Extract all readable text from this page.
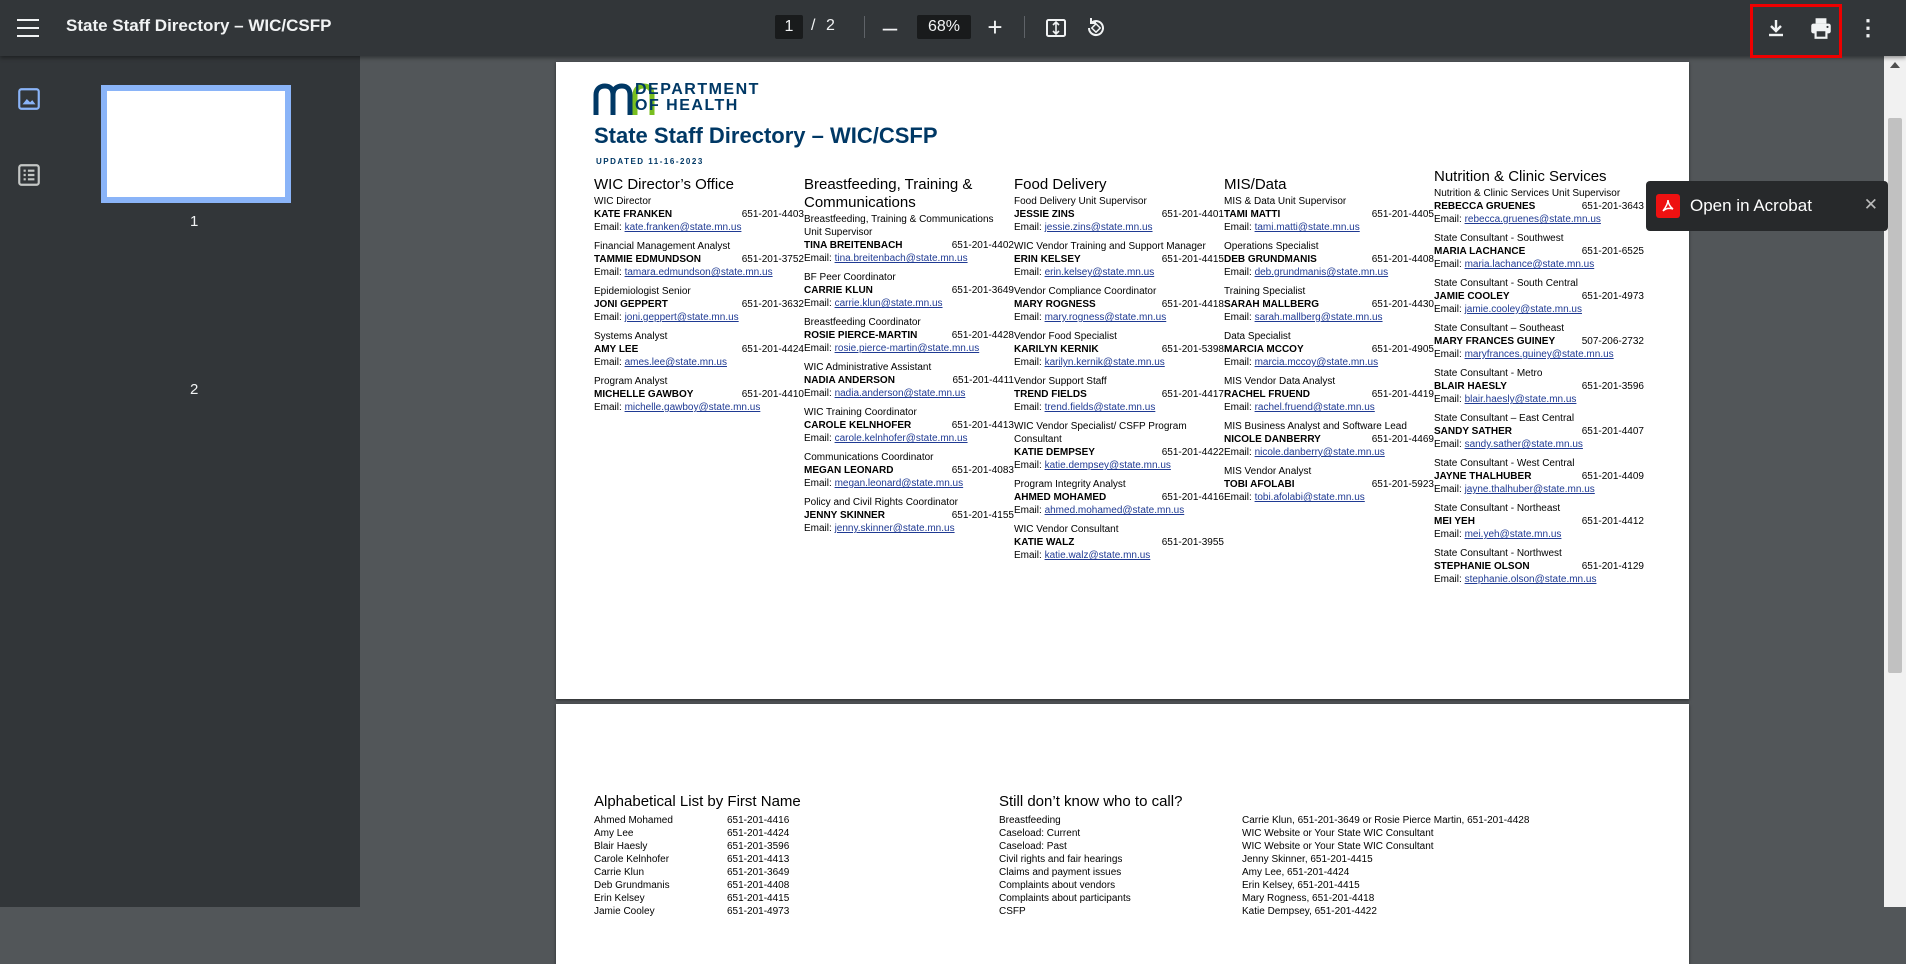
State Staff Directory – WIC/CSFP	1	/ 2 –	68%	+	⋮
1
2
DEPARTMENT
OF HEALTH
State Staff Directory – WIC/CSFP
UPDATED 11-16-2023
WIC Director’s Office
WIC Director
KATE FRANKEN	651-201-4403
Email: kate.franken@state.mn.us
Financial Management Analyst
TAMMIE EDMUNDSON	651-201-3752
Email: tamara.edmundson@state.mn.us
Epidemiologist Senior
JONI GEPPERT	651-201-3632
Email: joni.geppert@state.mn.us
Systems Analyst
AMY LEE	651-201-4424
Email: ames.lee@state.mn.us
Program Analyst
MICHELLE GAWBOY	651-201-4410
Email: michelle.gawboy@state.mn.us
Breastfeeding, Training & Communications
Breastfeeding, Training & Communications Unit Supervisor
TINA BREITENBACH	651-201-4402
Email: tina.breitenbach@state.mn.us
BF Peer Coordinator
CARRIE KLUN	651-201-3649
Email: carrie.klun@state.mn.us
Breastfeeding Coordinator
ROSIE PIERCE-MARTIN	651-201-4428
Email: rosie.pierce-martin@state.mn.us
WIC Administrative Assistant
NADIA ANDERSON	651-201-4411
Email: nadia.anderson@state.mn.us
WIC Training Coordinator
CAROLE KELNHOFER	651-201-4413
Email: carole.kelnhofer@state.mn.us
Communications Coordinator
MEGAN LEONARD	651-201-4083
Email: megan.leonard@state.mn.us
Policy and Civil Rights Coordinator
JENNY SKINNER	651-201-4155
Email: jenny.skinner@state.mn.us
Food Delivery
Food Delivery Unit Supervisor
JESSIE ZINS	651-201-4401
Email: jessie.zins@state.mn.us
WIC Vendor Training and Support Manager
ERIN KELSEY	651-201-4415
Email: erin.kelsey@state.mn.us
Vendor Compliance Coordinator
MARY ROGNESS	651-201-4418
Email: mary.rogness@state.mn.us
Vendor Food Specialist
KARILYN KERNIK	651-201-5398
Email: karilyn.kernik@state.mn.us
Vendor Support Staff
TREND FIELDS	651-201-4417
Email: trend.fields@state.mn.us
WIC Vendor Specialist/ CSFP Program Consultant
KATIE DEMPSEY	651-201-4422
Email: katie.dempsey@state.mn.us
Program Integrity Analyst
AHMED MOHAMED	651-201-4416
Email: ahmed.mohamed@state.mn.us
WIC Vendor Consultant
KATIE WALZ	651-201-3955
Email: katie.walz@state.mn.us
MIS/Data
MIS & Data Unit Supervisor
TAMI MATTI	651-201-4405
Email: tami.matti@state.mn.us
Operations Specialist
DEB GRUNDMANIS	651-201-4408
Email: deb.grundmanis@state.mn.us
Training Specialist
SARAH MALLBERG	651-201-4430
Email: sarah.mallberg@state.mn.us
Data Specialist
MARCIA MCCOY	651-201-4905
Email: marcia.mccoy@state.mn.us
MIS Vendor Data Analyst
RACHEL FRUEND	651-201-4419
Email: rachel.fruend@state.mn.us
MIS Business Analyst and Software Lead
NICOLE DANBERRY	651-201-4469
Email: nicole.danberry@state.mn.us
MIS Vendor Analyst
TOBI AFOLABI	651-201-5923
Email: tobi.afolabi@state.mn.us
Nutrition & Clinic Services
Nutrition & Clinic Services Unit Supervisor
REBECCA GRUENES	651-201-3643
Email: rebecca.gruenes@state.mn.us
State Consultant - Southwest
MARIA LACHANCE	651-201-6525
Email: maria.lachance@state.mn.us
State Consultant - South Central
JAMIE COOLEY	651-201-4973
Email: jamie.cooley@state.mn.us
State Consultant – Southeast
MARY FRANCES GUINEY	507-206-2732
Email: maryfrances.guiney@state.mn.us
State Consultant - Metro
BLAIR HAESLY	651-201-3596
Email: blair.haesly@state.mn.us
State Consultant – East Central
SANDY SATHER	651-201-4407
Email: sandy.sather@state.mn.us
State Consultant - West Central
JAYNE THALHUBER	651-201-4409
Email: jayne.thalhuber@state.mn.us
State Consultant - Northeast
MEI YEH	651-201-4412
Email: mei.yeh@state.mn.us
State Consultant - Northwest
STEPHANIE OLSON	651-201-4129
Email: stephanie.olson@state.mn.us
Alphabetical List by First Name
Ahmed Mohamed	651-201-4416
Amy Lee	651-201-4424
Blair Haesly	651-201-3596
Carole Kelnhofer	651-201-4413
Carrie Klun	651-201-3649
Deb Grundmanis	651-201-4408
Erin Kelsey	651-201-4415
Jamie Cooley	651-201-4973
Still don’t know who to call?
Breastfeeding	Carrie Klun, 651-201-3649 or Rosie Pierce Martin, 651-201-4428
Caseload: Current	WIC Website or Your State WIC Consultant
Caseload: Past	WIC Website or Your State WIC Consultant
Civil rights and fair hearings	Jenny Skinner, 651-201-4415
Claims and payment issues	Amy Lee, 651-201-4424
Complaints about vendors	Erin Kelsey, 651-201-4415
Complaints about participants	Mary Rogness, 651-201-4418
CSFP	Katie Dempsey, 651-201-4422
Open in Acrobat	✕
